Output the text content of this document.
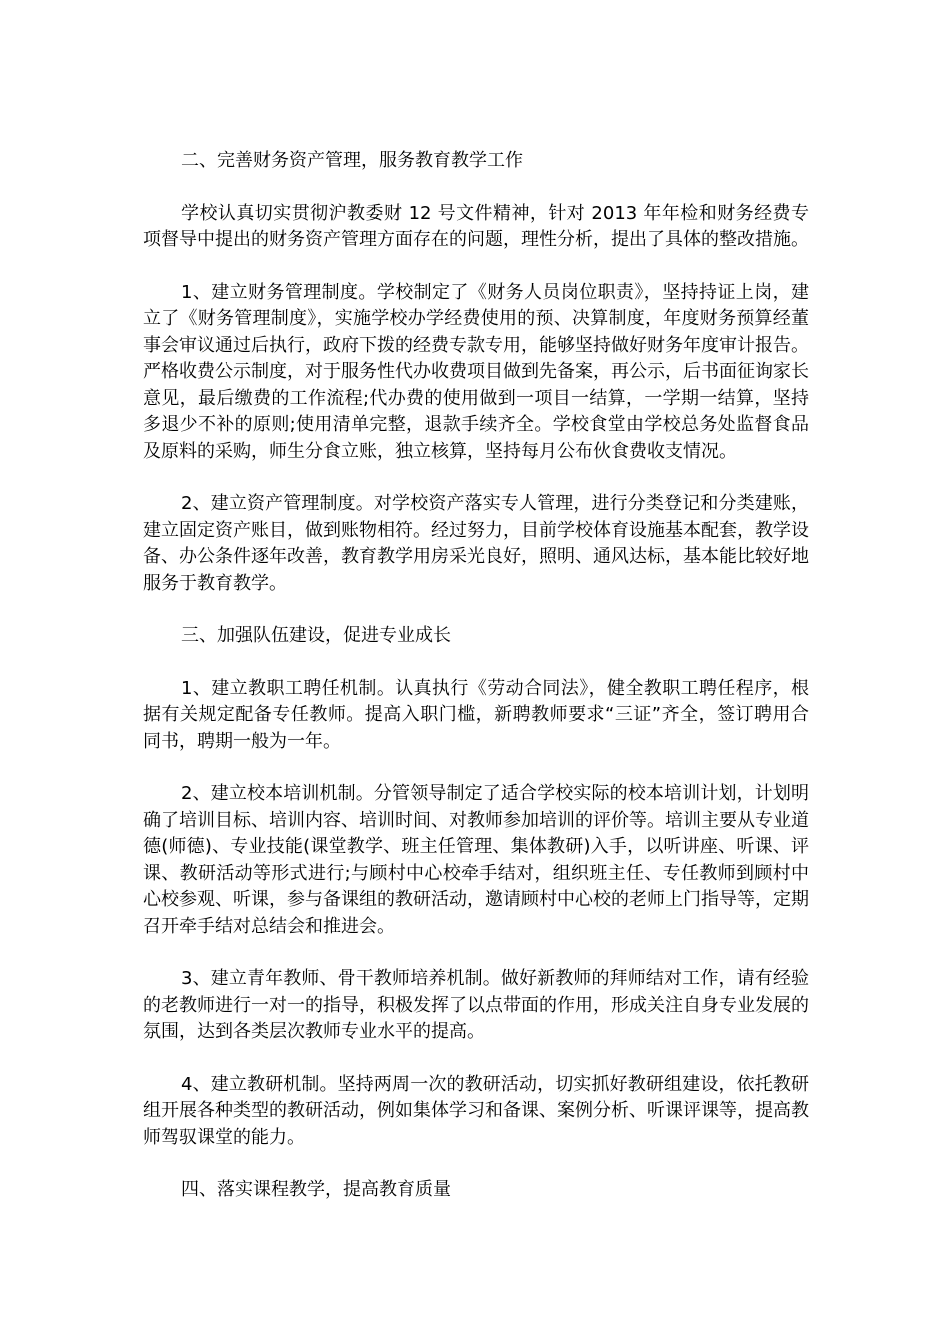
二、完善财务资产管理，服务教育教学工作

学校认真切实贯彻沪教委财 12 号文件精神，针对 2013 年年检和财务经费专项督导中提出的财务资产管理方面存在的问题，理性分析，提出了具体的整改措施。

1、建立财务管理制度。学校制定了《财务人员岗位职责》，坚持持证上岗，建立了《财务管理制度》，实施学校办学经费使用的预、决算制度，年度财务预算经董事会审议通过后执行，政府下拨的经费专款专用，能够坚持做好财务年度审计报告。严格收费公示制度，对于服务性代办收费项目做到先备案，再公示，后书面征询家长意见，最后缴费的工作流程;代办费的使用做到一项目一结算，一学期一结算，坚持多退少不补的原则;使用清单完整，退款手续齐全。学校食堂由学校总务处监督食品及原料的采购，师生分食立账，独立核算，坚持每月公布伙食费收支情况。

2、建立资产管理制度。对学校资产落实专人管理，进行分类登记和分类建账，建立固定资产账目，做到账物相符。经过努力，目前学校体育设施基本配套，教学设备、办公条件逐年改善，教育教学用房采光良好，照明、通风达标，基本能比较好地服务于教育教学。

三、加强队伍建设，促进专业成长

1、建立教职工聘任机制。认真执行《劳动合同法》，健全教职工聘任程序，根据有关规定配备专任教师。提高入职门槛，新聘教师要求“三证”齐全，签订聘用合同书，聘期一般为一年。

2、建立校本培训机制。分管领导制定了适合学校实际的校本培训计划，计划明确了培训目标、培训内容、培训时间、对教师参加培训的评价等。培训主要从专业道德(师德)、专业技能(课堂教学、班主任管理、集体教研)入手，以听讲座、听课、评课、教研活动等形式进行;与顾村中心校牵手结对，组织班主任、专任教师到顾村中心校参观、听课，参与备课组的教研活动，邀请顾村中心校的老师上门指导等，定期召开牵手结对总结会和推进会。

3、建立青年教师、骨干教师培养机制。做好新教师的拜师结对工作，请有经验的老教师进行一对一的指导，积极发挥了以点带面的作用，形成关注自身专业发展的氛围，达到各类层次教师专业水平的提高。

4、建立教研机制。坚持两周一次的教研活动，切实抓好教研组建设，依托教研组开展各种类型的教研活动，例如集体学习和备课、案例分析、听课评课等，提高教师驾驭课堂的能力。

四、落实课程教学，提高教育质量
